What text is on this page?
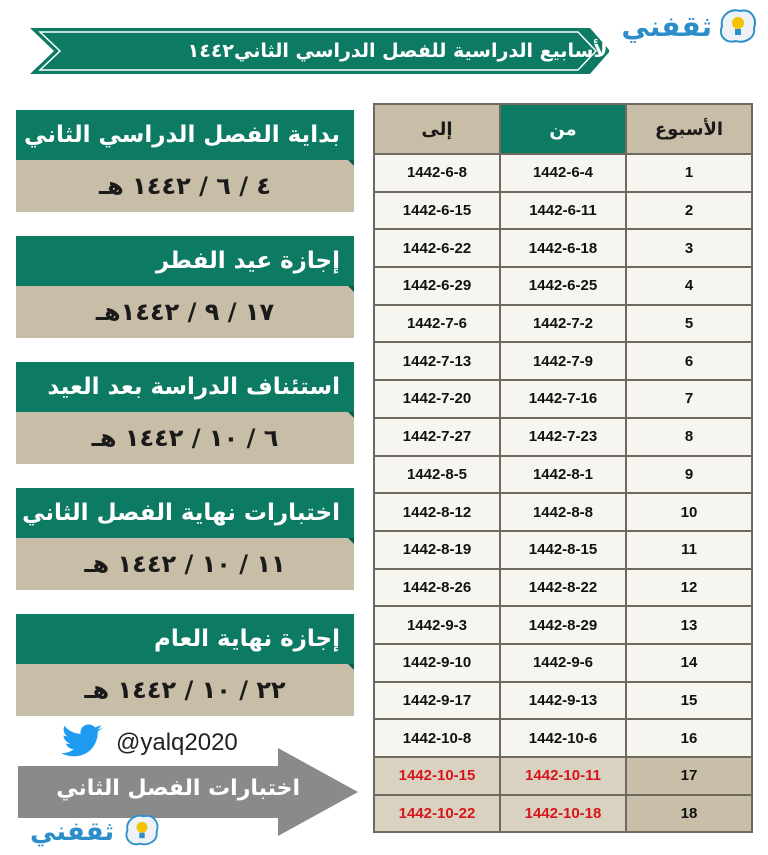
ثقفني
الأسابيع الدراسية للفصل الدراسي الثاني١٤٤٢ هـ
بداية الفصل الدراسي الثاني
٤ / ٦ / ١٤٤٢ هـ
إجازة عيد الفطر
١٧ / ٩ / ١٤٤٢هـ
استئناف الدراسة بعد العيد
٦ / ١٠ / ١٤٤٢ هـ
اختبارات نهاية الفصل الثاني
١١ / ١٠ / ١٤٤٢ هـ
إجازة نهاية العام
٢٢ / ١٠ / ١٤٤٢ هـ
@yalq2020
اختبارات الفصل الثاني
ثقفني
إلى	من	الأسبوع
1442-6-8	1442-6-4	1
1442-6-15	1442-6-11	2
1442-6-22	1442-6-18	3
1442-6-29	1442-6-25	4
1442-7-6	1442-7-2	5
1442-7-13	1442-7-9	6
1442-7-20	1442-7-16	7
1442-7-27	1442-7-23	8
1442-8-5	1442-8-1	9
1442-8-12	1442-8-8	10
1442-8-19	1442-8-15	11
1442-8-26	1442-8-22	12
1442-9-3	1442-8-29	13
1442-9-10	1442-9-6	14
1442-9-17	1442-9-13	15
1442-10-8	1442-10-6	16
1442-10-15	1442-10-11	17
1442-10-22	1442-10-18	18
